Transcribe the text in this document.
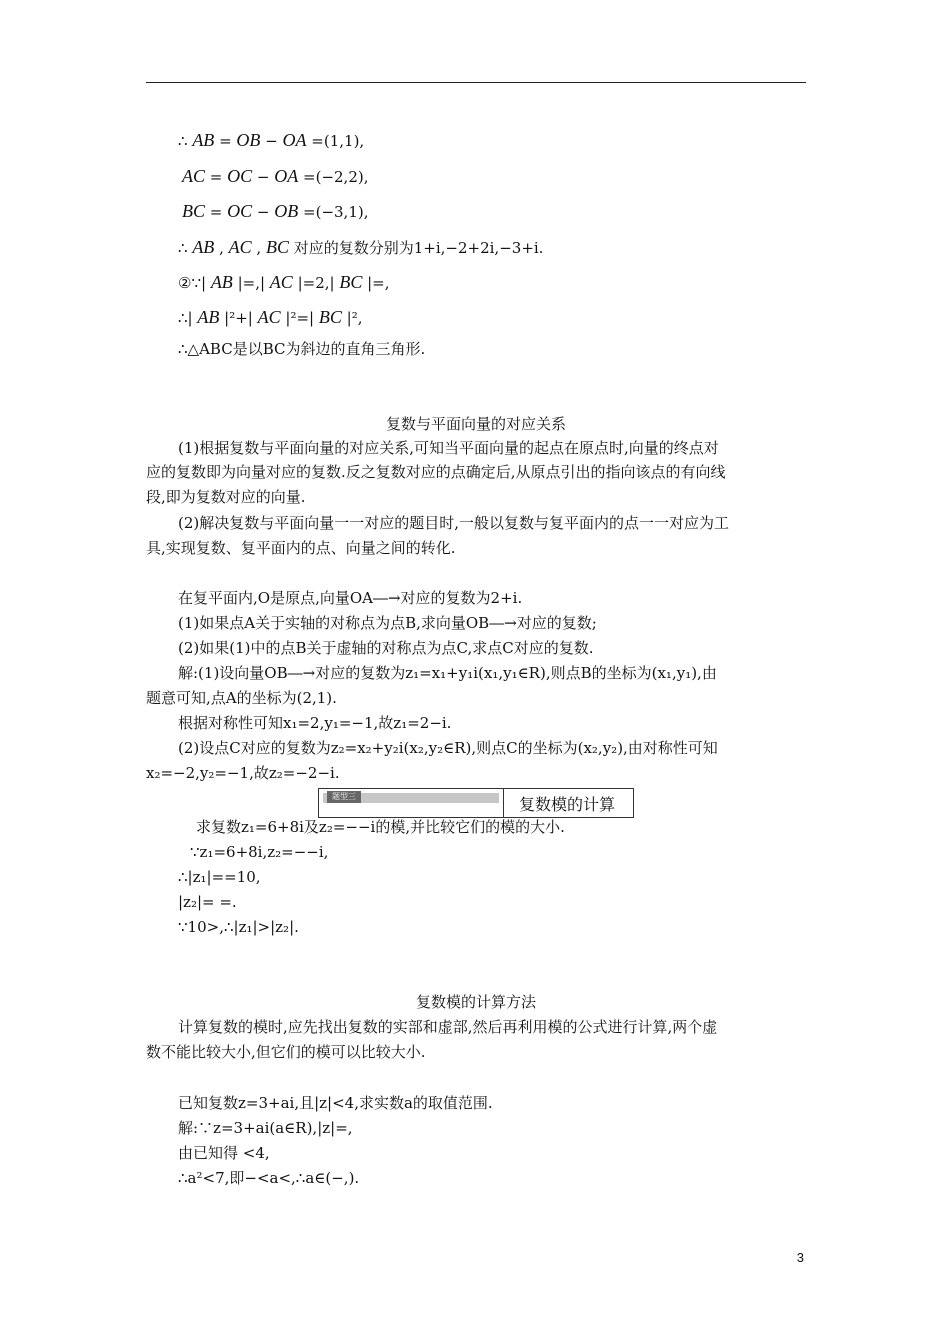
∴ AB = OB − OA =(1,1),
AC = OC − OA =(−2,2),
BC = OC − OB =(−3,1),
∴ AB , AC , BC 对应的复数分别为1+i,−2+2i,−3+i.
②∵| AB |=,| AC |=2,| BC |=,
∴| AB |²+| AC |²=| BC |²,
∴△ABC是以BC为斜边的直角三角形.
复数与平面向量的对应关系
(1)根据复数与平面向量的对应关系,可知当平面向量的起点在原点时,向量的终点对
应的复数即为向量对应的复数.反之复数对应的点确定后,从原点引出的指向该点的有向线
段,即为复数对应的向量.
(2)解决复数与平面向量一一对应的题目时,一般以复数与复平面内的点一一对应为工
具,实现复数、复平面内的点、向量之间的转化.
在复平面内,O是原点,向量OA―→对应的复数为2+i.
(1)如果点A关于实轴的对称点为点B,求向量OB―→对应的复数;
(2)如果(1)中的点B关于虚轴的对称点为点C,求点C对应的复数.
解:(1)设向量OB―→对应的复数为z₁=x₁+y₁i(x₁,y₁∈R),则点B的坐标为(x₁,y₁),由
题意可知,点A的坐标为(2,1).
根据对称性可知x₁=2,y₁=−1,故z₁=2−i.
(2)设点C对应的复数为z₂=x₂+y₂i(x₂,y₂∈R),则点C的坐标为(x₂,y₂),由对称性可知
x₂=−2,y₂=−1,故z₂=−2−i.
题型三	复数模的计算
求复数z₁=6+8i及z₂=−−i的模,并比较它们的模的大小.
∵z₁=6+8i,z₂=−−i,
∴|z₁|==10,
|z₂|= =.
∵10>,∴|z₁|>|z₂|.
复数模的计算方法
计算复数的模时,应先找出复数的实部和虚部,然后再利用模的公式进行计算,两个虚
数不能比较大小,但它们的模可以比较大小.
已知复数z=3+ai,且|z|<4,求实数a的取值范围.
解:∵z=3+ai(a∈R),|z|=,
由已知得 <4,
∴a²<7,即−<a<,∴a∈(−,).
3
